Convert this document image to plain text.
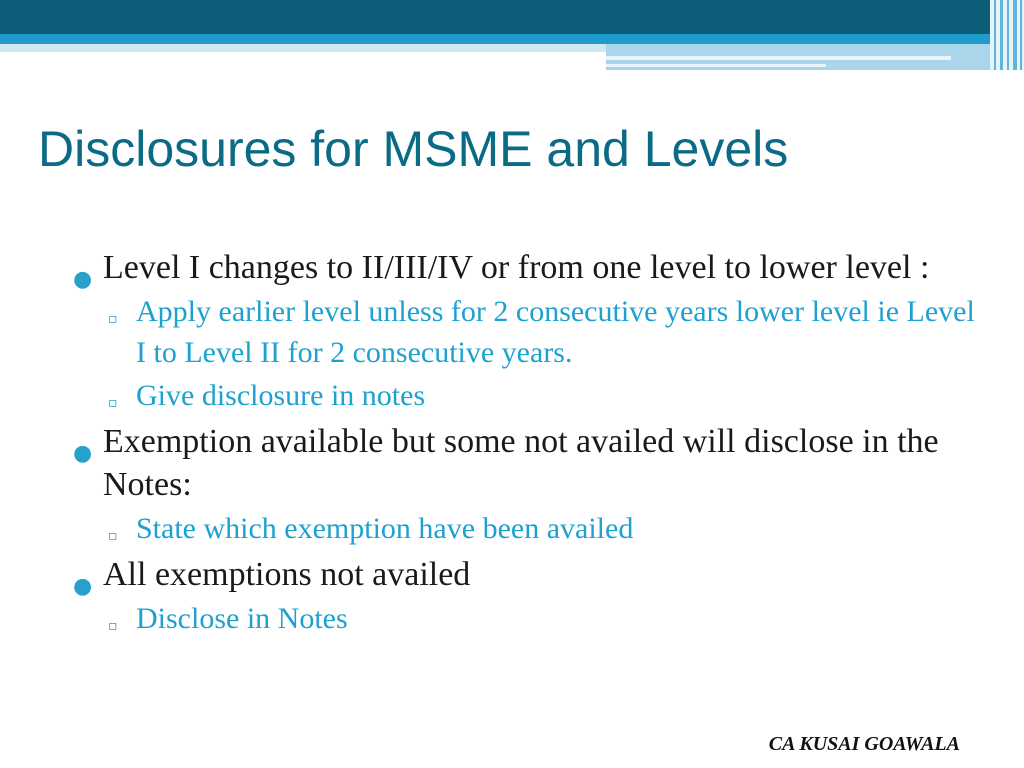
Disclosures for MSME and Levels
● Level I changes to II/III/IV or from one level to lower level :
▫ Apply earlier level unless for 2 consecutive years lower level ie Level I to Level II for 2 consecutive years.
▫ Give disclosure in notes
● Exemption available but some not availed will disclose in the Notes:
▫ State which exemption have been availed
● All exemptions not availed
▫ Disclose in Notes
CA KUSAI GOAWALA
